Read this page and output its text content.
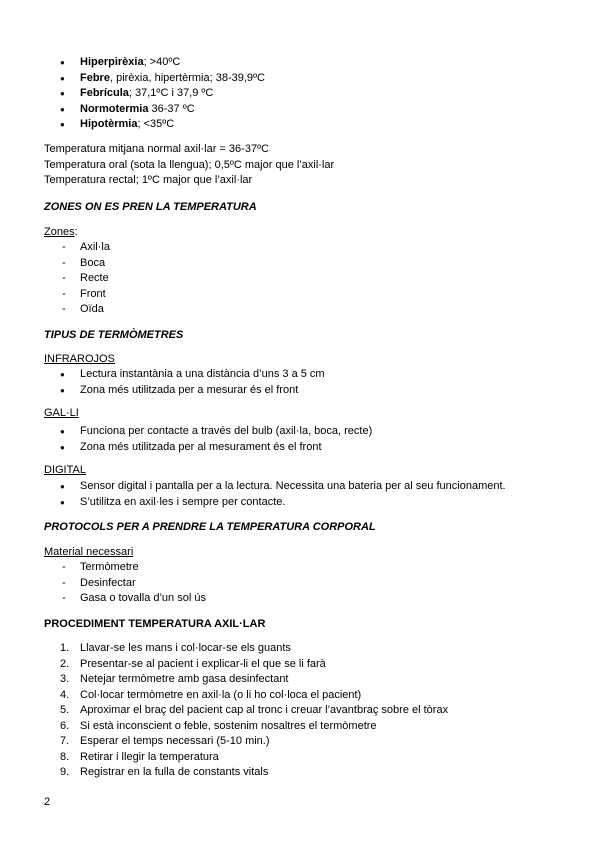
● Hiperpirèxia; >40ºC
● Febre, pirèxia, hipertèrmia; 38-39,9ºC
● Febrícula; 37,1ºC i 37,9 ºC
● Normotermia 36-37 ºC
● Hipotèrmia; <35ºC
Temperatura mitjana normal axil·lar = 36-37ºC
Temperatura oral (sota la llengua); 0,5ºC major que l’axil·lar
Temperatura rectal; 1ºC major que l’axil·lar
ZONES ON ES PREN LA TEMPERATURA
Zones:
- Axil·la
- Boca
- Recte
- Front
- Oïda
TIPUS DE TERMÒMETRES
INFRAROJOS
● Lectura instantània a una distància d’uns 3 a 5 cm
● Zona més utilitzada per a mesurar és el front
GAL·LI
● Funciona per contacte a través del bulb (axil·la, boca, recte)
● Zona més utilitzada per al mesurament és el front
DIGITAL
● Sensor digital i pantalla per a la lectura. Necessita una bateria per al seu funcionament.
● S’utilitza en axil·les i sempre per contacte.
PROTOCOLS PER A PRENDRE LA TEMPERATURA CORPORAL
Material necessari
- Termòmetre
- Desinfectar
- Gasa o tovalla d’un sol ús
PROCEDIMENT TEMPERATURA AXIL·LAR
1. Llavar-se les mans i col·locar-se els guants
2. Presentar-se al pacient i explicar-li el que se li farà
3. Netejar termòmetre amb gasa desinfectant
4. Col·locar termòmetre en axil·la (o li ho col·loca el pacient)
5. Aproximar el braç del pacient cap al tronc i creuar l’avantbraç sobre el tòrax
6. Si està inconscient o feble, sostenim nosaltres el termòmetre
7. Esperar el temps necessari (5-10 min.)
8. Retirar i llegir la temperatura
9. Registrar en la fulla de constants vitals
2
